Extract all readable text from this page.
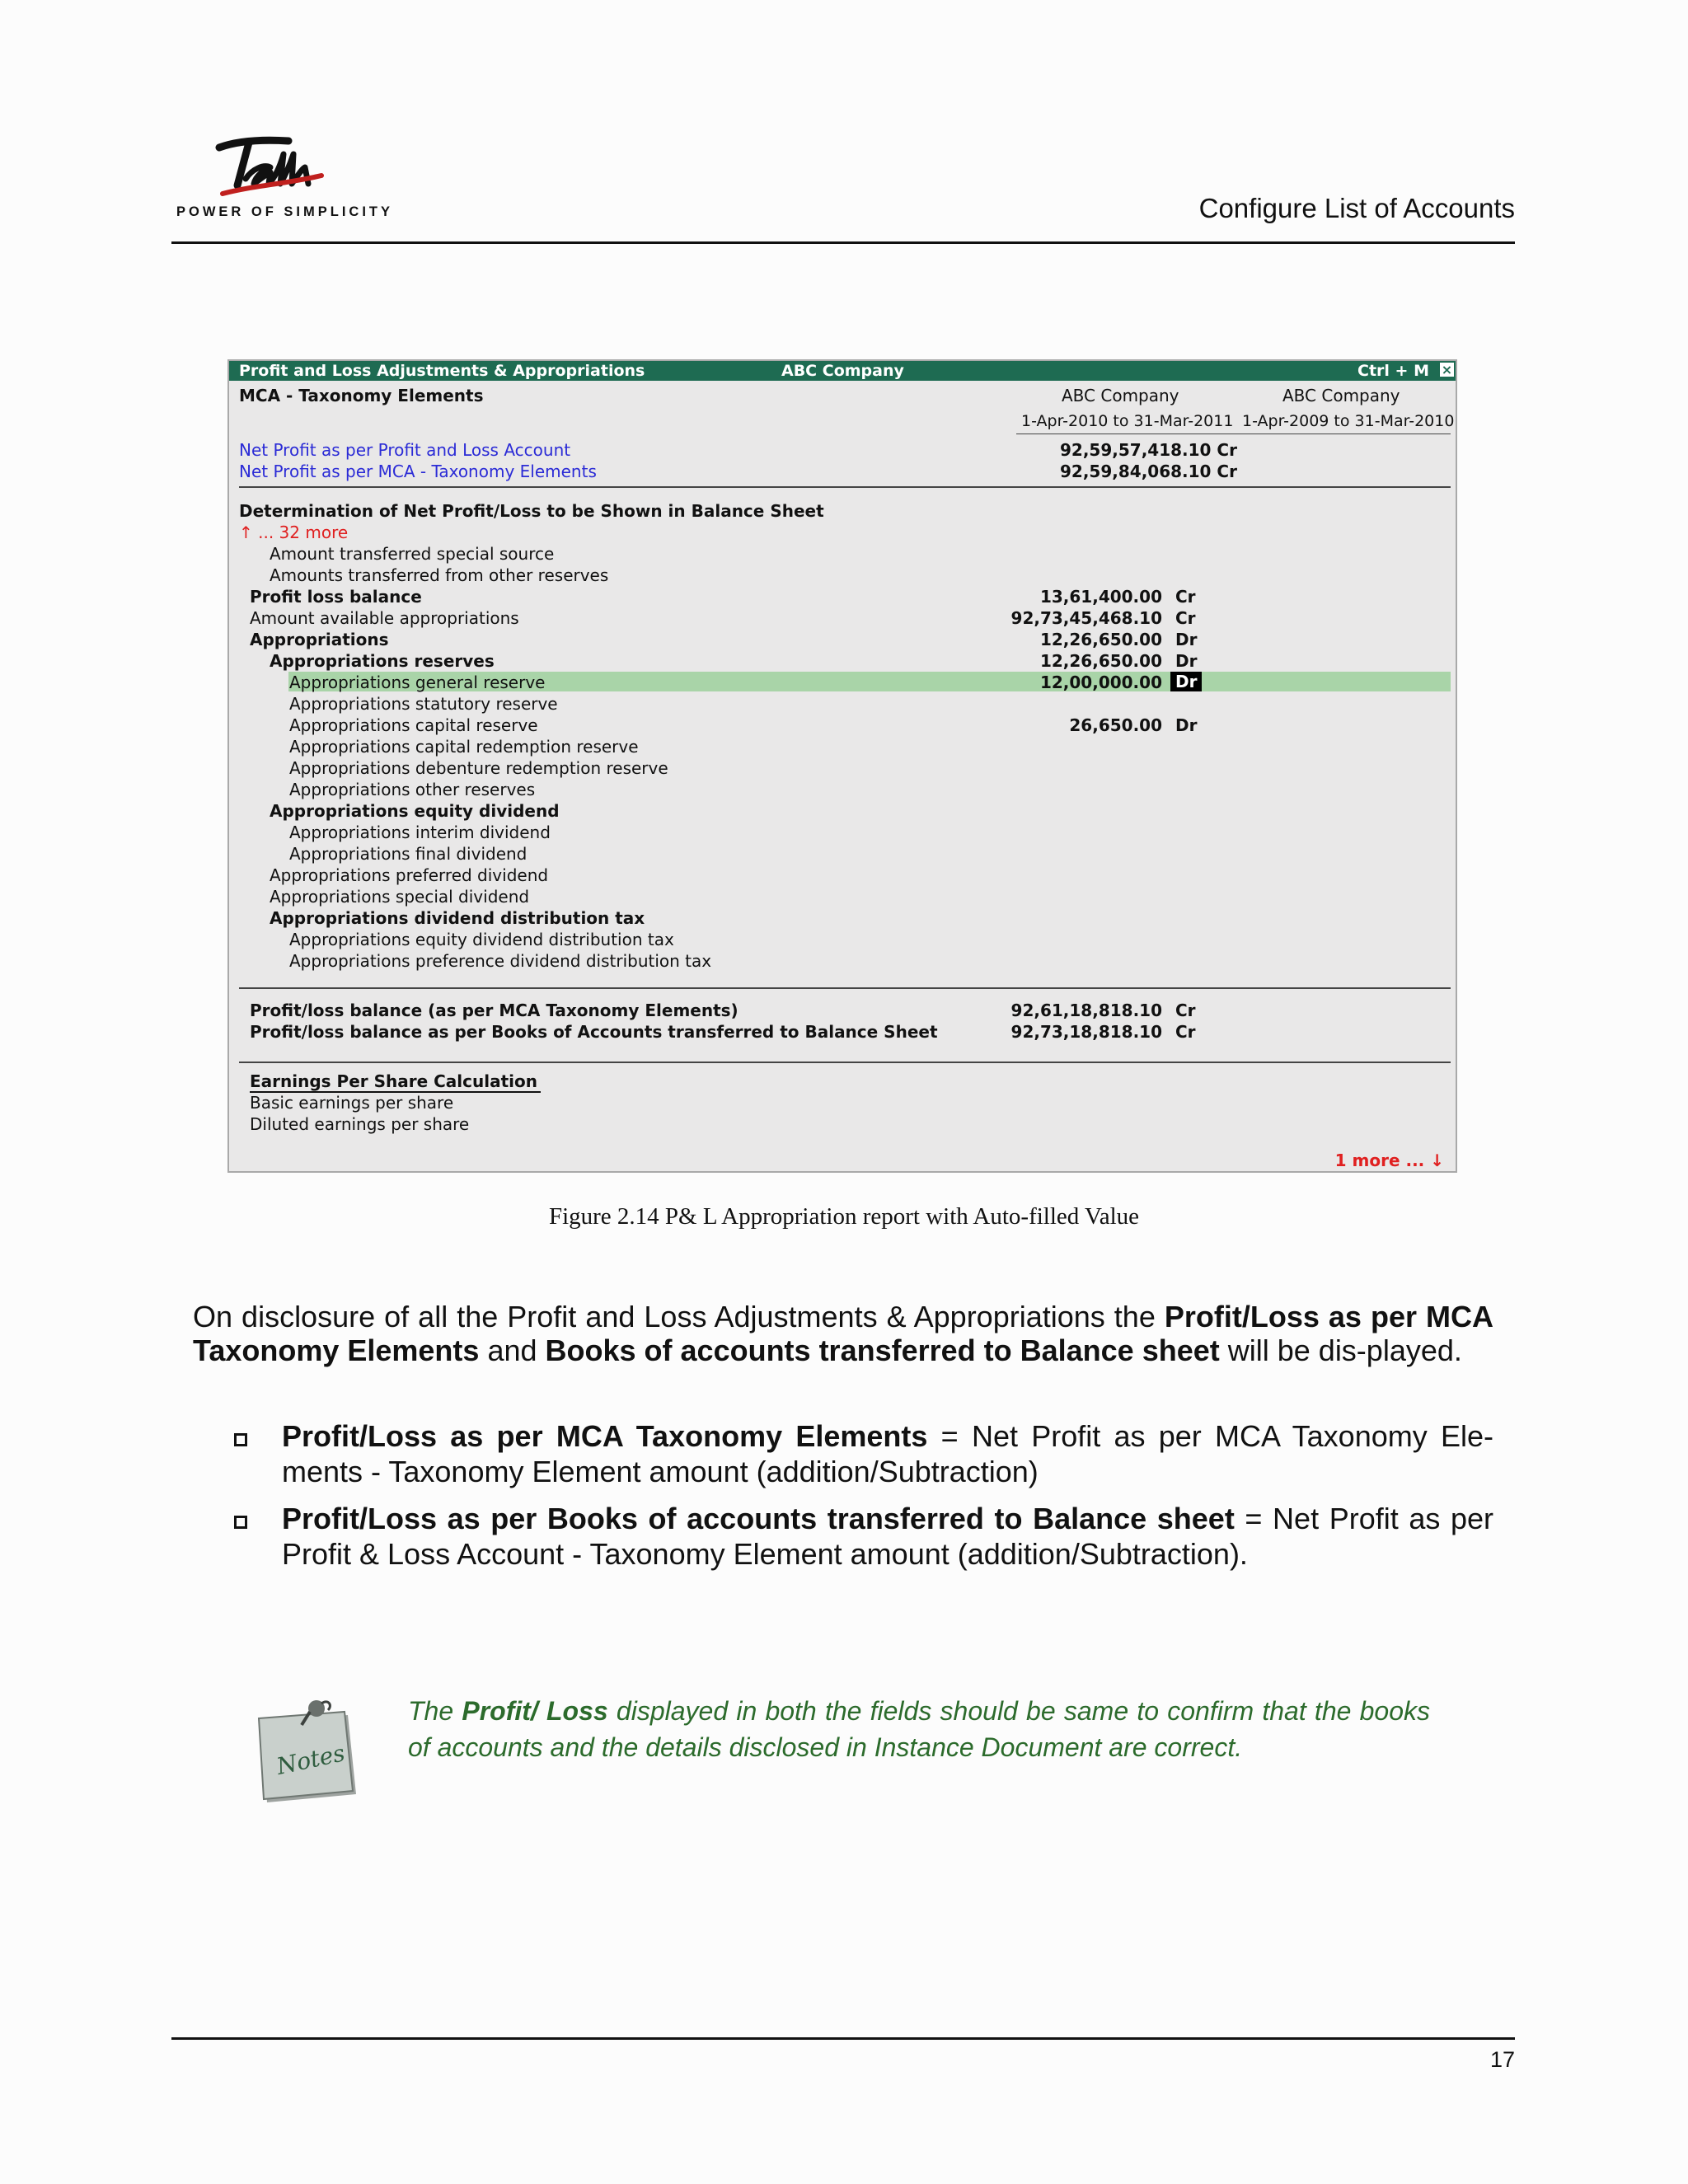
POWER OF SIMPLICITY	Configure List of Accounts
Profit and Loss Adjustments & Appropriations	ABC Company	Ctrl + M ×
MCA - Taxonomy Elements	ABC Company	ABC Company
1-Apr-2010 to 31-Mar-2011 1-Apr-2009 to 31-Mar-2010
Net Profit as per Profit and Loss Account	92,59,57,418.10 Cr
Net Profit as per MCA - Taxonomy Elements	92,59,84,068.10 Cr
Determination of Net Profit/Loss to be Shown in Balance Sheet
↑ ... 32 more
Amount transferred special source
Amounts transferred from other reserves
Profit loss balance	13,61,400.00 Cr
Amount available appropriations	92,73,45,468.10 Cr
Appropriations	12,26,650.00 Dr
Appropriations reserves	12,26,650.00 Dr
Appropriations general reserve	12,00,000.00 Dr
Appropriations statutory reserve
Appropriations capital reserve	26,650.00 Dr
Appropriations capital redemption reserve
Appropriations debenture redemption reserve
Appropriations other reserves
Appropriations equity dividend
Appropriations interim dividend
Appropriations final dividend
Appropriations preferred dividend
Appropriations special dividend
Appropriations dividend distribution tax
Appropriations equity dividend distribution tax
Appropriations preference dividend distribution tax
Profit/loss balance (as per MCA Taxonomy Elements)	92,61,18,818.10 Cr
Profit/loss balance as per Books of Accounts transferred to Balance Sheet	92,73,18,818.10 Cr
Earnings Per Share Calculation
Basic earnings per share
Diluted earnings per share
1 more ... ↓
Figure 2.14 P& L Appropriation report with Auto-filled Value
On disclosure of all the Profit and Loss Adjustments & Appropriations the Profit/Loss as per MCA Taxonomy Elements and Books of accounts transferred to Balance sheet will be dis-played.
Profit/Loss as per MCA Taxonomy Elements = Net Profit as per MCA Taxonomy Ele-ments - Taxonomy Element amount (addition/Subtraction)
Profit/Loss as per Books of accounts transferred to Balance sheet = Net Profit as per Profit & Loss Account - Taxonomy Element amount (addition/Subtraction).
Notes
The Profit/ Loss displayed in both the fields should be same to confirm that the books of accounts and the details disclosed in Instance Document are correct.
17
